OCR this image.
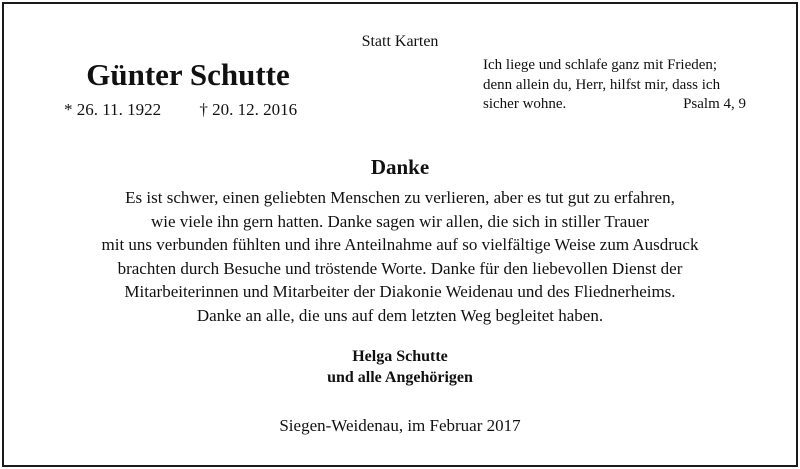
Statt Karten
Günter Schutte
* 26. 11. 1922 † 20. 12. 2016
Ich liege und schlafe ganz mit Frieden;
denn allein du, Herr, hilfst mir, dass ich
sicher wohne.	Psalm 4, 9
Danke
Es ist schwer, einen geliebten Menschen zu verlieren, aber es tut gut zu erfahren,
wie viele ihn gern hatten. Danke sagen wir allen, die sich in stiller Trauer
mit uns verbunden fühlten und ihre Anteilnahme auf so vielfältige Weise zum Ausdruck
brachten durch Besuche und tröstende Worte. Danke für den liebevollen Dienst der
Mitarbeiterinnen und Mitarbeiter der Diakonie Weidenau und des Fliednerheims.
Danke an alle, die uns auf dem letzten Weg begleitet haben.
Helga Schutte
und alle Angehörigen
Siegen-Weidenau, im Februar 2017
